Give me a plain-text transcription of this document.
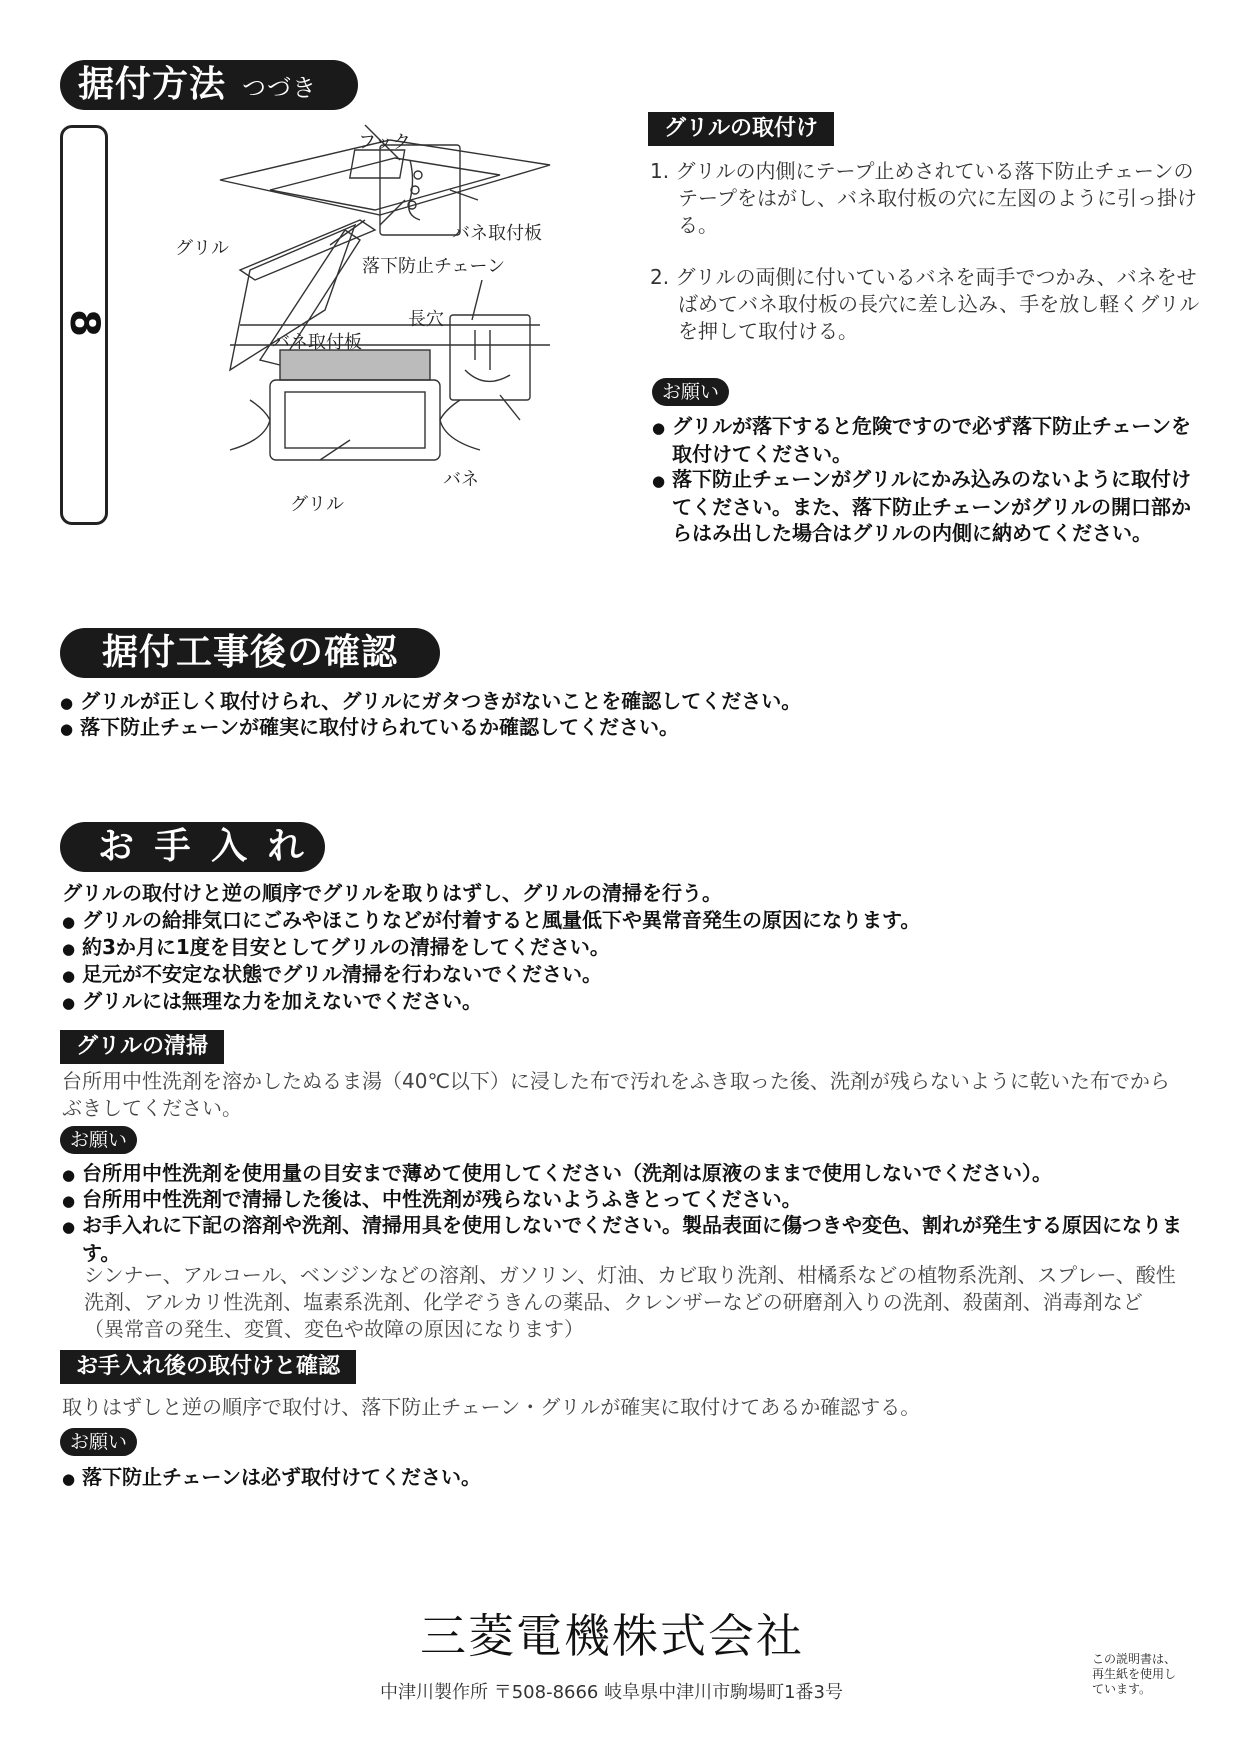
据付方法 つづき
8
フック
バネ取付板
グリル
落下防止チェーン
長穴
バネ取付板
バネ
グリル
グリルの取付け
1. グリルの内側にテープ止めされている落下防止チェーンのテープをはがし、バネ取付板の穴に左図のように引っ掛ける。
2. グリルの両側に付いているバネを両手でつかみ、バネをせばめてバネ取付板の長穴に差し込み、手を放し軽くグリルを押して取付ける。
お願い
● グリルが落下すると危険ですので必ず落下防止チェーンを取付けてください。
● 落下防止チェーンがグリルにかみ込みのないように取付けてください。また、落下防止チェーンがグリルの開口部からはみ出した場合はグリルの内側に納めてください。
据付工事後の確認
● グリルが正しく取付けられ、グリルにガタつきがないことを確認してください。
● 落下防止チェーンが確実に取付けられているか確認してください。
お 手 入 れ
グリルの取付けと逆の順序でグリルを取りはずし、グリルの清掃を行う。
● グリルの給排気口にごみやほこりなどが付着すると風量低下や異常音発生の原因になります。
● 約3か月に1度を目安としてグリルの清掃をしてください。
● 足元が不安定な状態でグリル清掃を行わないでください。
● グリルには無理な力を加えないでください。
グリルの清掃
台所用中性洗剤を溶かしたぬるま湯（40℃以下）に浸した布で汚れをふき取った後、洗剤が残らないように乾いた布でからぶきしてください。
お願い
● 台所用中性洗剤を使用量の目安まで薄めて使用してください（洗剤は原液のままで使用しないでください）。
● 台所用中性洗剤で清掃した後は、中性洗剤が残らないようふきとってください。
● お手入れに下記の溶剤や洗剤、清掃用具を使用しないでください。製品表面に傷つきや変色、割れが発生する原因になります。
シンナー、アルコール、ベンジンなどの溶剤、ガソリン、灯油、カビ取り洗剤、柑橘系などの植物系洗剤、スプレー、酸性洗剤、アルカリ性洗剤、塩素系洗剤、化学ぞうきんの薬品、クレンザーなどの研磨剤入りの洗剤、殺菌剤、消毒剤など（異常音の発生、変質、変色や故障の原因になります）
お手入れ後の取付けと確認
取りはずしと逆の順序で取付け、落下防止チェーン・グリルが確実に取付けてあるか確認する。
お願い
● 落下防止チェーンは必ず取付けてください。
三菱電機株式会社
中津川製作所 〒508-8666 岐阜県中津川市駒場町1番3号
この説明書は、再生紙を使用しています。
